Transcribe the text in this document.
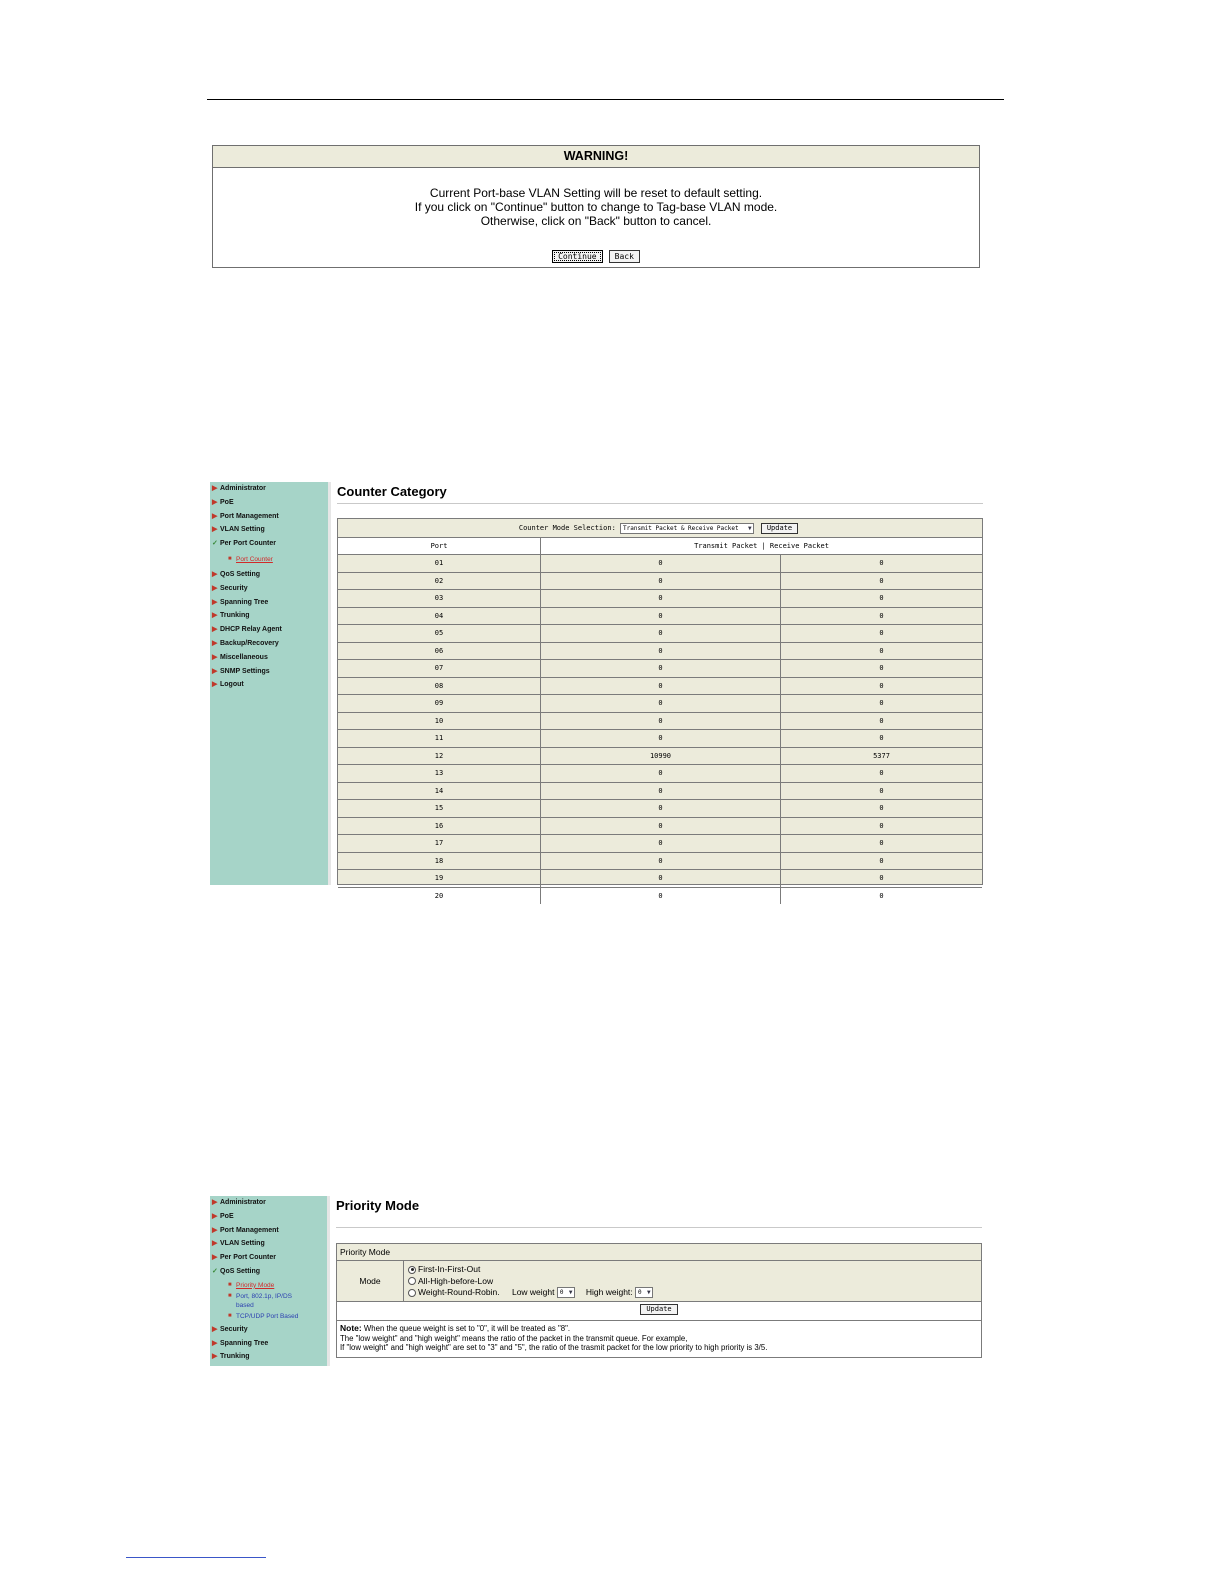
WARNING!
Current Port-base VLAN Setting will be reset to default setting.
If you click on "Continue" button to change to Tag-base VLAN mode.
Otherwise, click on "Back" button to cancel.
Continue Back
▶ Administrator
▶ PoE
▶ Port Management
▶ VLAN Setting
✓ Per Port Counter
■ Port Counter
▶ QoS Setting
▶ Security
▶ Spanning Tree
▶ Trunking
▶ DHCP Relay Agent
▶ Backup/Recovery
▶ Miscellaneous
▶ SNMP Settings
▶ Logout
Counter Category
Counter Mode Selection: Transmit Packet & Receive Packet ▼ Update
Port	Transmit Packet | Receive Packet
01	0	0
02	0	0
03	0	0
04	0	0
05	0	0
06	0	0
07	0	0
08	0	0
09	0	0
10	0	0
11	0	0
12	10990	5377
13	0	0
14	0	0
15	0	0
16	0	0
17	0	0
18	0	0
19	0	0
20	0	0
▶ Administrator
▶ PoE
▶ Port Management
▶ VLAN Setting
▶ Per Port Counter
✓ QoS Setting
■ Priority Mode
■ Port, 802.1p, IP/DS
based
■ TCP/UDP Port Based
▶ Security
▶ Spanning Tree
▶ Trunking
Priority Mode
Priority Mode
Mode
First-In-First-Out
All-High-before-Low
Weight-Round-Robin. Low weight 0 ▼ High weight: 0 ▼
Update
Note: When the queue weight is set to "0", it will be treated as "8".
The "low weight" and "high weight" means the ratio of the packet in the transmit queue. For example,
If "low weight" and "high weight" are set to "3" and "5", the ratio of the trasmit packet for the low priority to high priority is 3/5.
